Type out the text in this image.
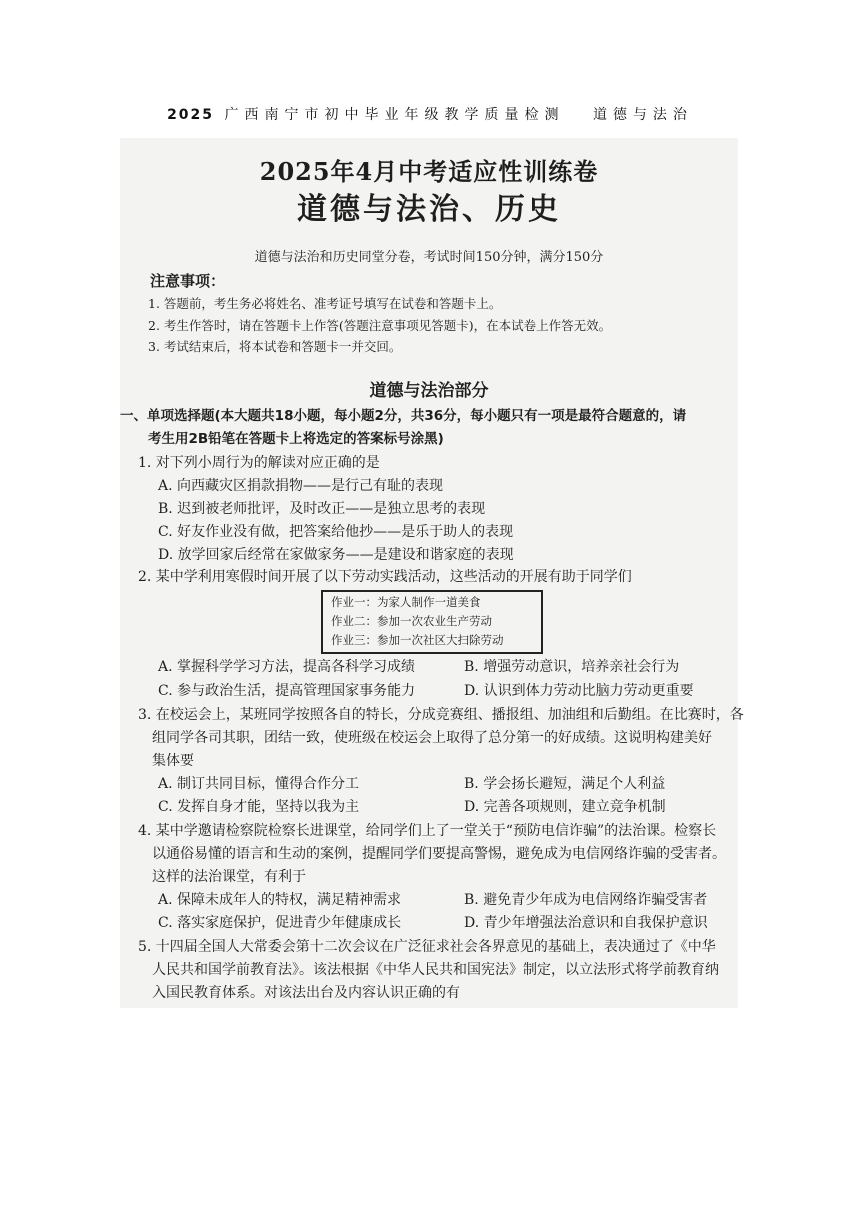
2025 广西南宁市初中毕业年级教学质量检测 道德与法治
2025年4月中考适应性训练卷
道德与法治、历史
道德与法治和历史同堂分卷，考试时间150分钟，满分150分
注意事项：
1. 答题前，考生务必将姓名、准考证号填写在试卷和答题卡上。
2. 考生作答时，请在答题卡上作答(答题注意事项见答题卡)，在本试卷上作答无效。
3. 考试结束后，将本试卷和答题卡一并交回。
道德与法治部分
一、单项选择题(本大题共18小题，每小题2分，共36分，每小题只有一项是最符合题意的，请
考生用2B铅笔在答题卡上将选定的答案标号涂黑)
1. 对下列小周行为的解读对应正确的是
A. 向西藏灾区捐款捐物——是行己有耻的表现
B. 迟到被老师批评，及时改正——是独立思考的表现
C. 好友作业没有做，把答案给他抄——是乐于助人的表现
D. 放学回家后经常在家做家务——是建设和谐家庭的表现
2. 某中学利用寒假时间开展了以下劳动实践活动，这些活动的开展有助于同学们
作业一：为家人制作一道美食
作业二：参加一次农业生产劳动
作业三：参加一次社区大扫除劳动
A. 掌握科学学习方法，提高各科学习成绩	B. 增强劳动意识，培养亲社会行为
C. 参与政治生活，提高管理国家事务能力	D. 认识到体力劳动比脑力劳动更重要
3. 在校运会上，某班同学按照各自的特长，分成竞赛组、播报组、加油组和后勤组。在比赛时，各
组同学各司其职，团结一致，使班级在校运会上取得了总分第一的好成绩。这说明构建美好
集体要
A. 制订共同目标，懂得合作分工	B. 学会扬长避短，满足个人利益
C. 发挥自身才能，坚持以我为主	D. 完善各项规则，建立竞争机制
4. 某中学邀请检察院检察长进课堂，给同学们上了一堂关于“预防电信诈骗”的法治课。检察长
以通俗易懂的语言和生动的案例，提醒同学们要提高警惕，避免成为电信网络诈骗的受害者。
这样的法治课堂，有利于
A. 保障未成年人的特权，满足精神需求	B. 避免青少年成为电信网络诈骗受害者
C. 落实家庭保护，促进青少年健康成长	D. 青少年增强法治意识和自我保护意识
5. 十四届全国人大常委会第十二次会议在广泛征求社会各界意见的基础上，表决通过了《中华
人民共和国学前教育法》。该法根据《中华人民共和国宪法》制定，以立法形式将学前教育纳
入国民教育体系。对该法出台及内容认识正确的有
